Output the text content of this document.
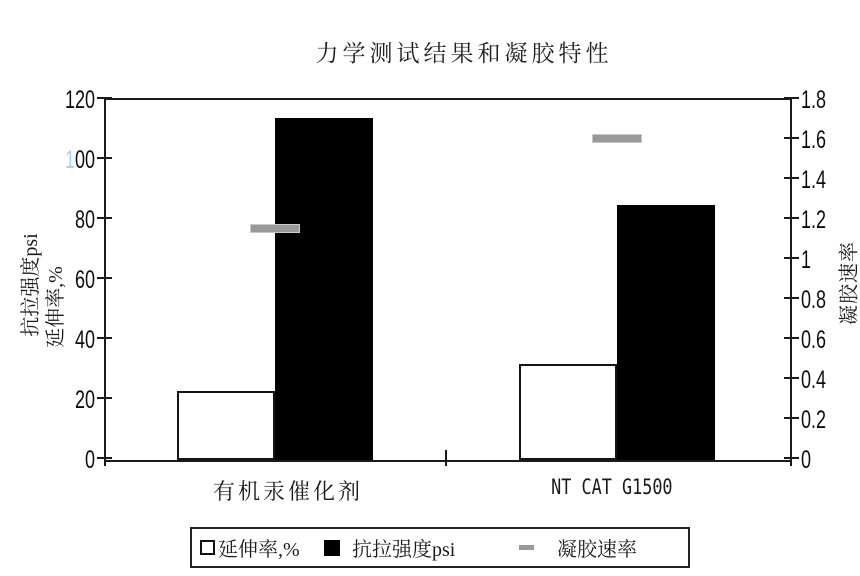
力学测试结果和凝胶特性
抗拉强度psi 延伸率,%	凝胶速率
有机汞催化剂	NT CAT G1500
延伸率,%	抗拉强度psi	凝胶速率
120
100
80
60
40
20
0
1.8
1.6
1.4
1.2
1
0.8
0.6
0.4
0.2
0
